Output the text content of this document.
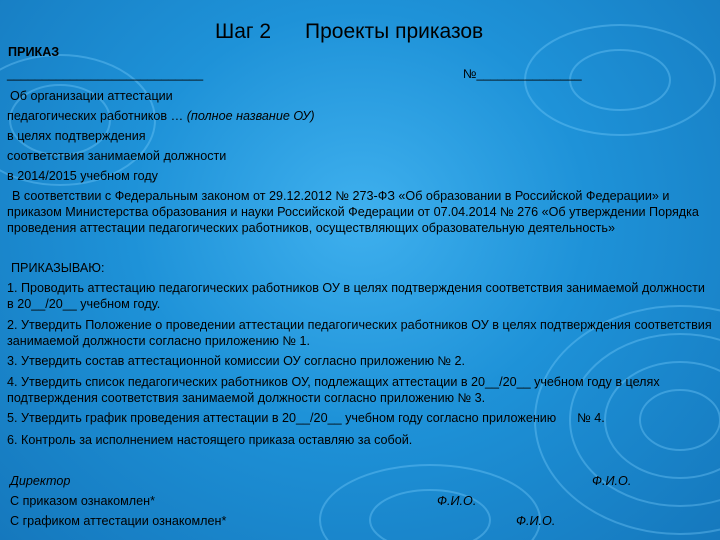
Шаг 2 Проекты приказов
ПРИКАЗ
____________________________	№_______________
Об организации аттестации
педагогических работников … (полное название ОУ)
в целях подтверждения
соответствия занимаемой должности
в 2014/2015 учебном году
В соответствии с Федеральным законом от 29.12.2012 № 273-ФЗ «Об образовании в Российской Федерации» и приказом Министерства образования и науки Российской Федерации от 07.04.2014 № 276 «Об утверждении Порядка проведения аттестации педагогических работников, осуществляющих образовательную деятельность»
ПРИКАЗЫВАЮ:
1. Проводить аттестацию педагогических работников ОУ в целях подтверждения соответствия занимаемой должности в 20__/20__ учебном году.
2. Утвердить Положение о проведении аттестации педагогических работников ОУ в целях подтверждения соответствия занимаемой должности согласно приложению № 1.
3. Утвердить состав аттестационной комиссии ОУ согласно приложению № 2.
4. Утвердить список педагогических работников ОУ, подлежащих аттестации в 20__/20__ учебном году в целях подтверждения соответствия занимаемой должности согласно приложению № 3.
5. Утвердить график проведения аттестации в 20__/20__ учебном году согласно приложению      № 4.
6. Контроль за исполнением настоящего приказа оставляю за собой.
Директор	Ф.И.О.
С приказом ознакомлен*	Ф.И.О.
С графиком аттестации ознакомлен*	Ф.И.О.
